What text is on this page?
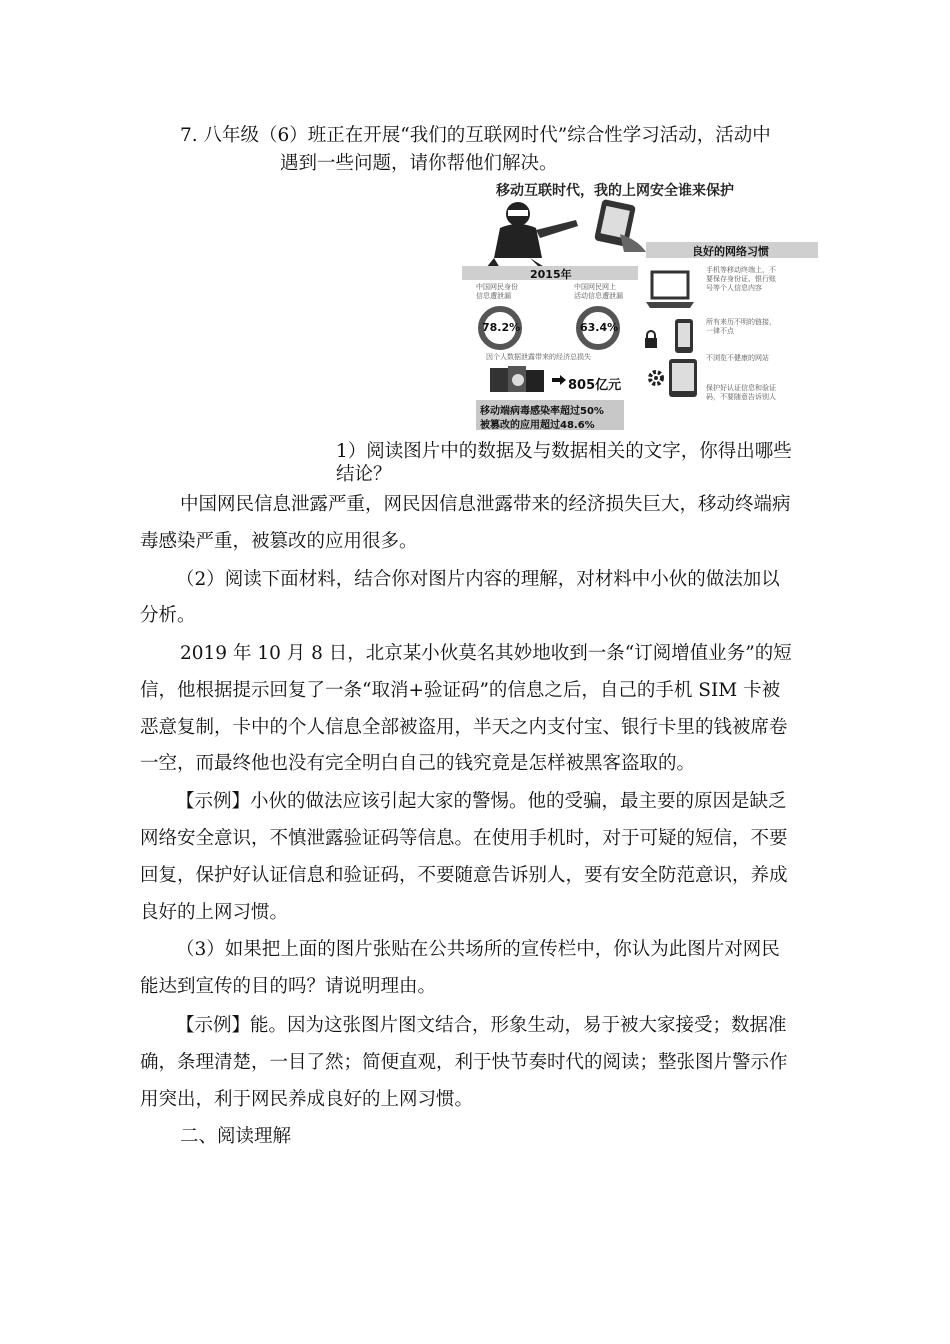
7. 八年级（6）班正在开展“我们的互联网时代”综合性学习活动，活动中
遇到一些问题，请你帮他们解决。
移动互联时代，我的上网安全谁来保护
良好的网络习惯
2015年
中国网民身份
信息遭泄漏
78.2%
中国网民网上
活动信息遭泄漏
63.4%
因个人数据泄露带来的经济总损失
805亿元
移动端病毒感染率超过50%
被篡改的应用超过48.6%
手机等移动终端上，不
要保存身份证、银行账
号等个人信息内容
所有来历不明的链接，
一律不点
不浏览不健康的网站
保护好认证信息和验证
码，不要随意告诉别人
1）阅读图片中的数据及与数据相关的文字，你得出哪些
结论？
中国网民信息泄露严重，网民因信息泄露带来的经济损失巨大，移动终端病
毒感染严重，被篡改的应用很多。
（2）阅读下面材料，结合你对图片内容的理解，对材料中小伙的做法加以
分析。
2019 年 10 月 8 日，北京某小伙莫名其妙地收到一条“订阅增值业务”的短
信，他根据提示回复了一条“取消+验证码”的信息之后，自己的手机 SIM 卡被
恶意复制，卡中的个人信息全部被盗用，半天之内支付宝、银行卡里的钱被席卷
一空，而最终他也没有完全明白自己的钱究竟是怎样被黑客盗取的。
【示例】小伙的做法应该引起大家的警惕。他的受骗，最主要的原因是缺乏
网络安全意识，不慎泄露验证码等信息。在使用手机时，对于可疑的短信，不要
回复，保护好认证信息和验证码，不要随意告诉别人，要有安全防范意识，养成
良好的上网习惯。
（3）如果把上面的图片张贴在公共场所的宣传栏中，你认为此图片对网民
能达到宣传的目的吗？请说明理由。
【示例】能。因为这张图片图文结合，形象生动，易于被大家接受；数据准
确，条理清楚，一目了然；简便直观，利于快节奏时代的阅读；整张图片警示作
用突出，利于网民养成良好的上网习惯。
二、阅读理解
